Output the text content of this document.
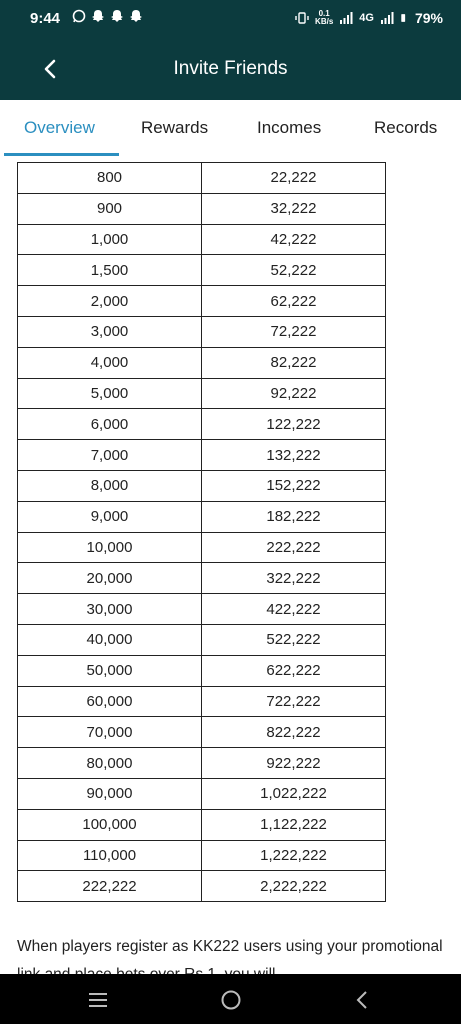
9:44	0.1
KB/s 4G	79%
Invite Friends
Overview	Rewards	Incomes	Records
800	22,222
900	32,222
1,000	42,222
1,500	52,222
2,000	62,222
3,000	72,222
4,000	82,222
5,000	92,222
6,000	122,222
7,000	132,222
8,000	152,222
9,000	182,222
10,000	222,222
20,000	322,222
30,000	422,222
40,000	522,222
50,000	622,222
60,000	722,222
70,000	822,222
80,000	922,222
90,000	1,022,222
100,000	1,122,222
110,000	1,222,222
222,222	2,222,222
When players register as KK222 users using your promotional
